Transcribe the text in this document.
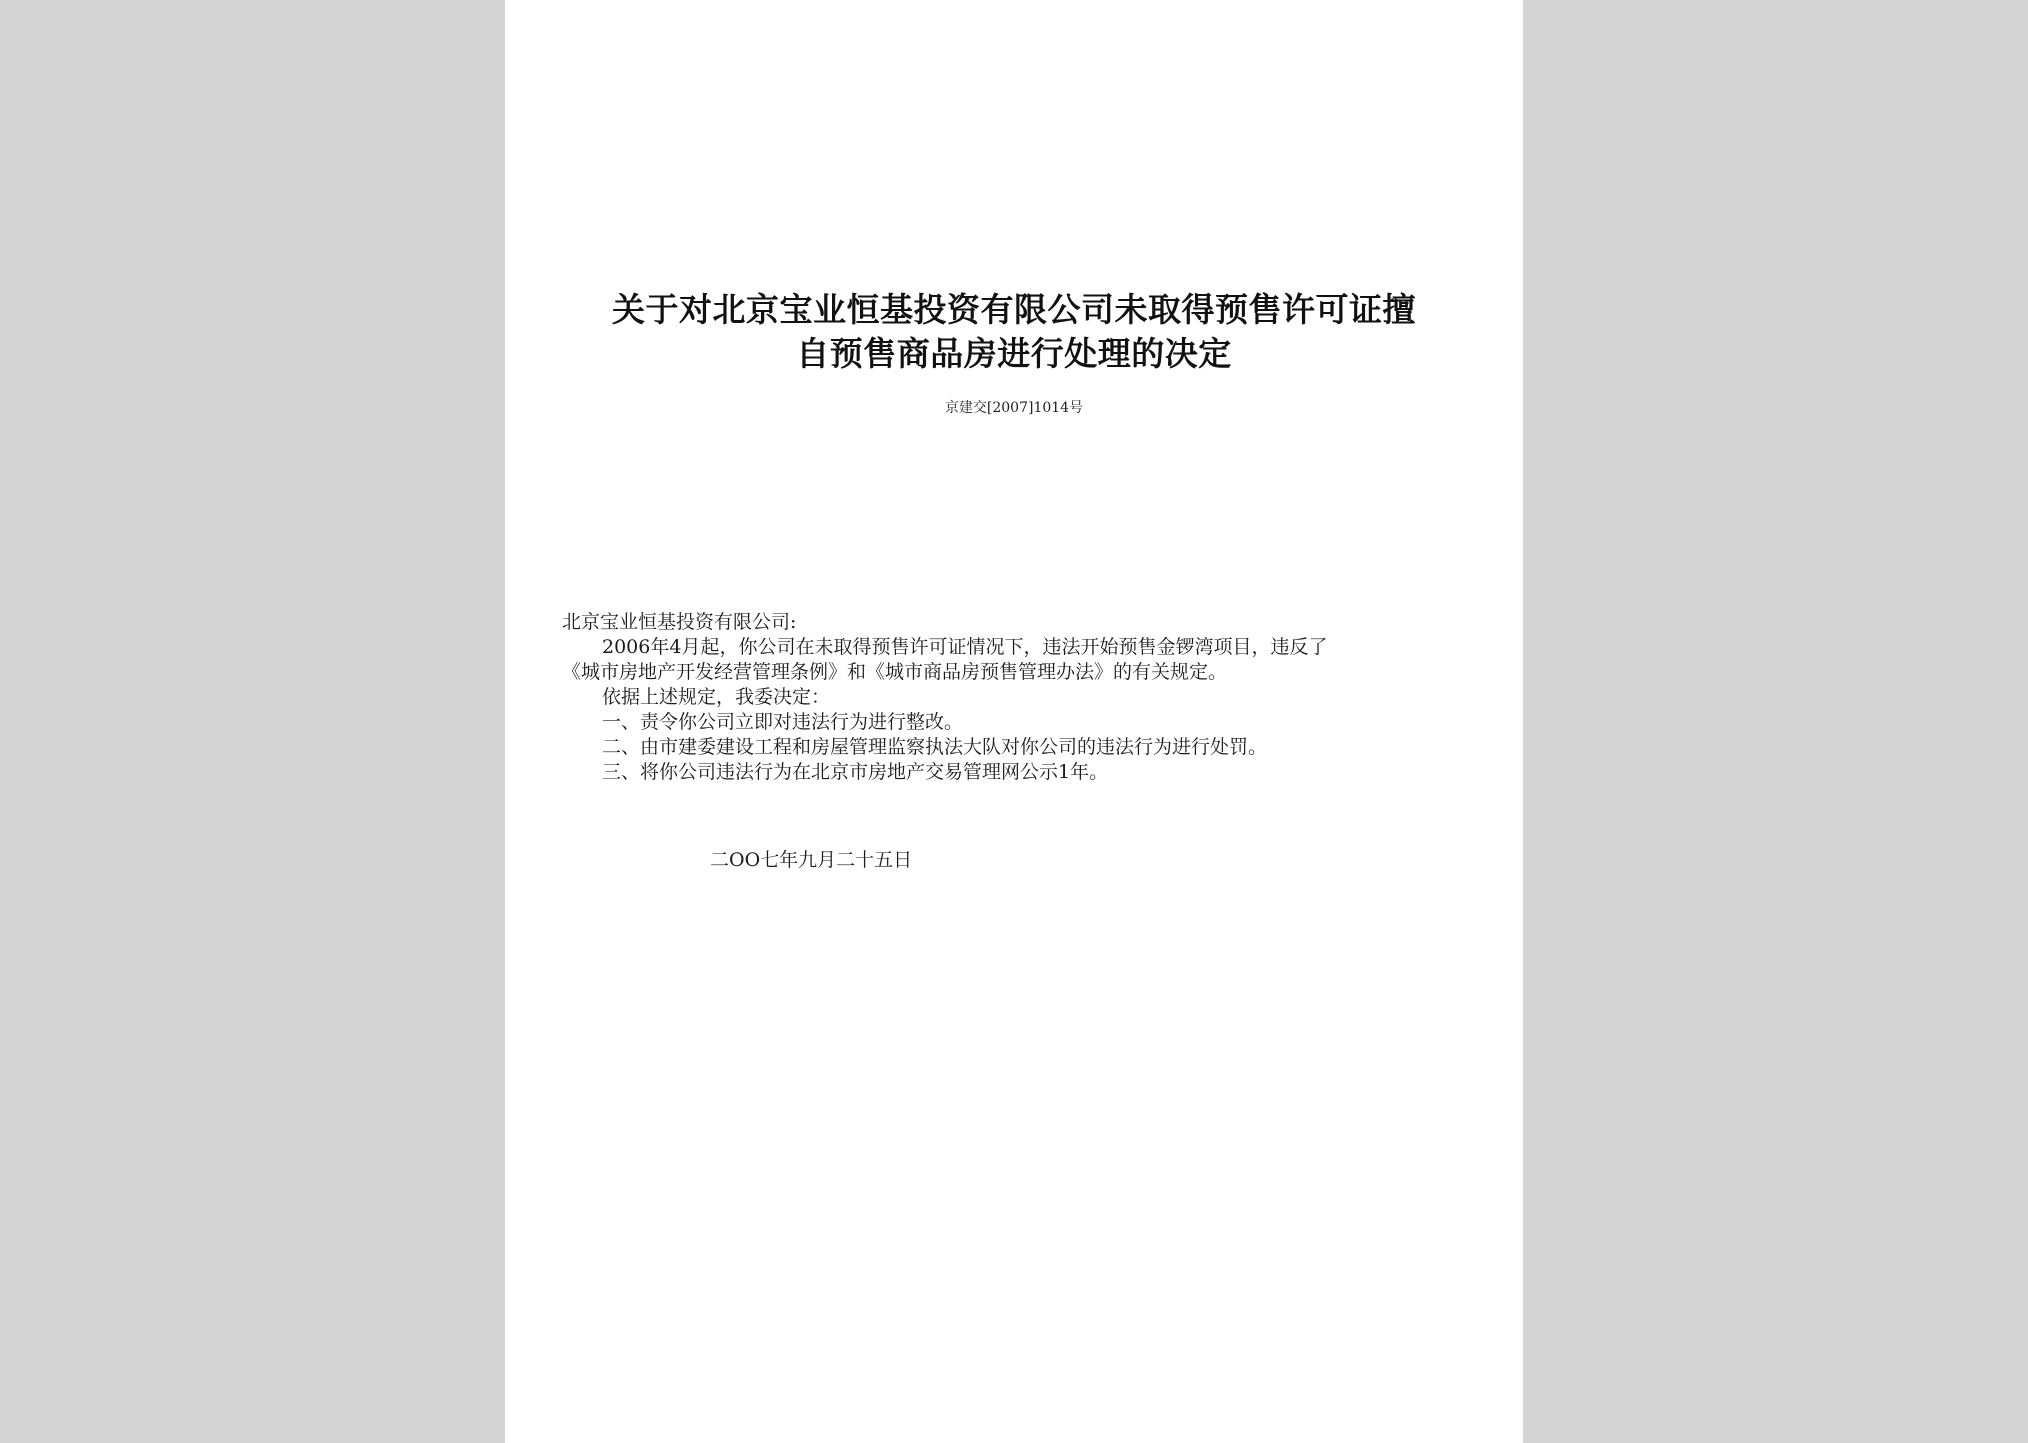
关于对北京宝业恒基投资有限公司未取得预售许可证擅
自预售商品房进行处理的决定
京建交[2007]1014号
北京宝业恒基投资有限公司:
2006年4月起，你公司在未取得预售许可证情况下，违法开始预售金锣湾项目，违反了
《城市房地产开发经营管理条例》和《城市商品房预售管理办法》的有关规定。
依据上述规定，我委决定：
一、责令你公司立即对违法行为进行整改。
二、由市建委建设工程和房屋管理监察执法大队对你公司的违法行为进行处罚。
三、将你公司违法行为在北京市房地产交易管理网公示1年。
二OO七年九月二十五日
